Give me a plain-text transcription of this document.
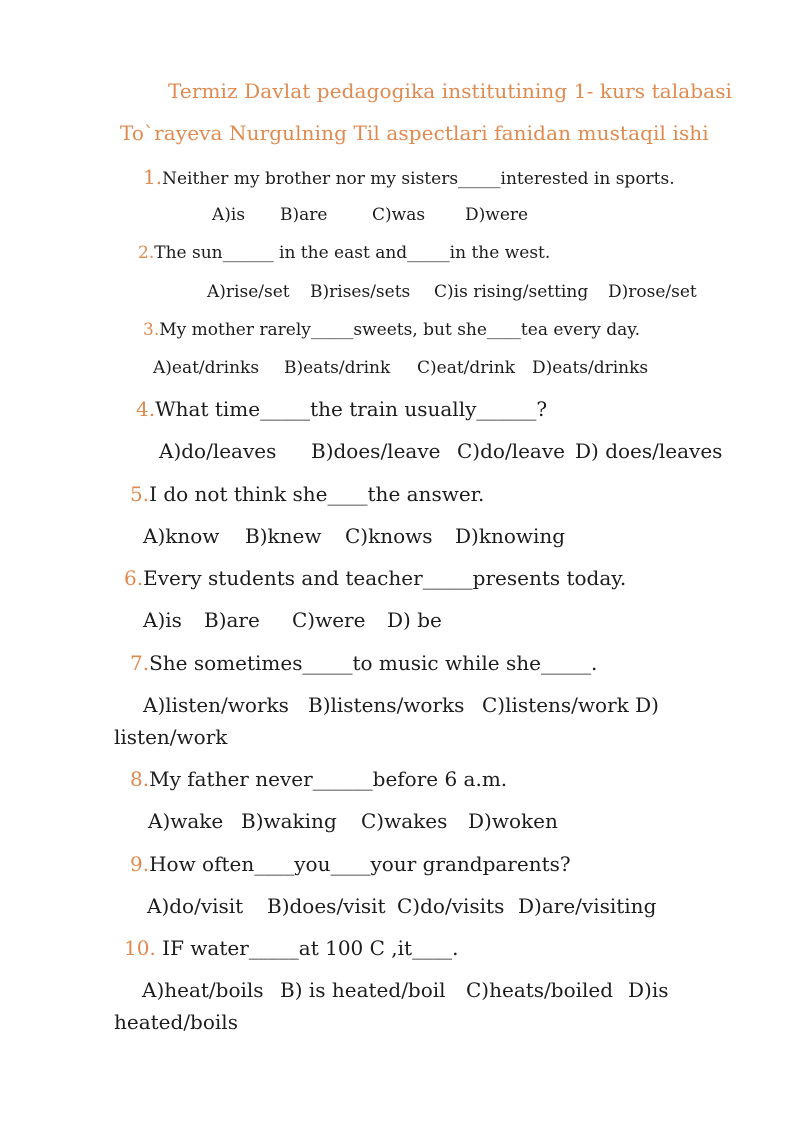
Termiz Davlat pedagogika institutining 1- kurs talabasi
To`rayeva Nurgulning Til aspectlari fanidan mustaqil ishi
1.Neither my brother nor my sisters_____interested in sports.
A)is B)are	C)was D)were
2.The sun______ in the east and_____in the west.
A)rise/set B)rises/sets C)is rising/setting D)rose/set
3.My mother rarely_____sweets, but she____tea every day.
A)eat/drinks B)eats/drink C)eat/drink D)eats/drinks
4.What time_____the train usually______?
A)do/leaves B)does/leave C)do/leave D) does/leaves
5.I do not think she____the answer.
A)know B)knew C)knows D)knowing
6.Every students and teacher_____presents today.
A)is B)are C)were D) be
7.She sometimes_____to music while she_____.
A)listen/works B)listens/works C)listens/work D)
listen/work
8.My father never______before 6 a.m.
A)wake B)waking C)wakes D)woken
9.How often____you____your grandparents?
A)do/visit B)does/visit C)do/visits D)are/visiting
10. IF water_____at 100 C ,it____.
A)heat/boils B) is heated/boil C)heats/boiled D)is
heated/boils
